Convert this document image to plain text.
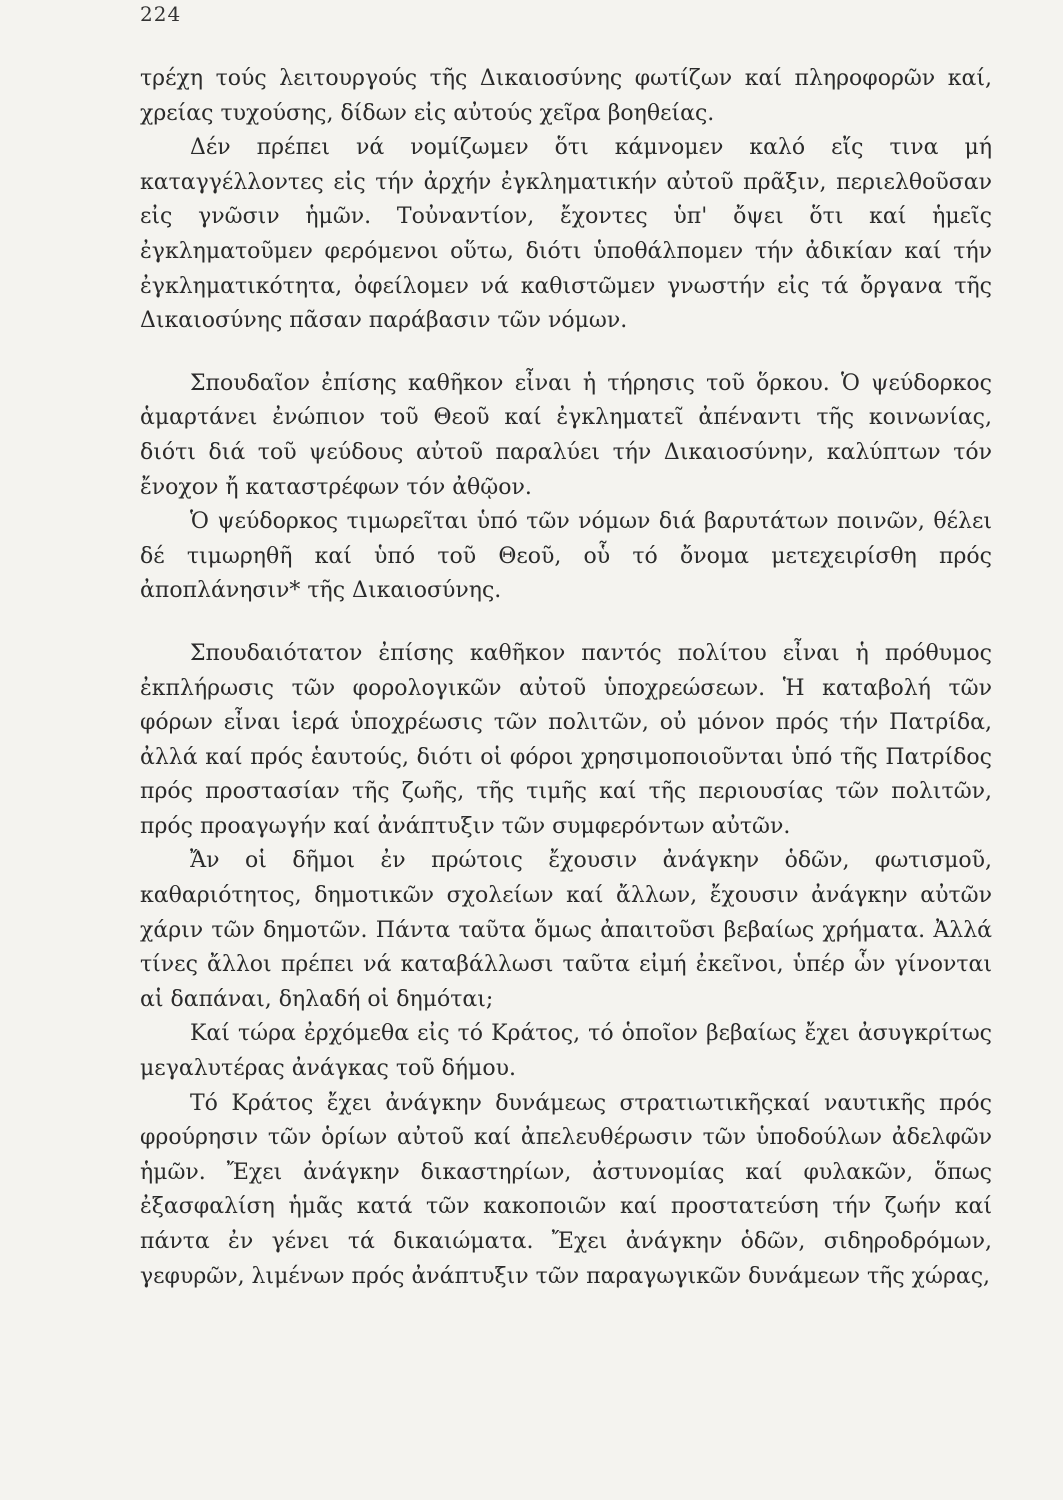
224

τρέχη τούς λειτουργούς τῆς Δικαιοσύνης φωτίζων καί πληροφορῶν καί, χρείας τυχούσης, δίδων εἰς αὐτούς χεῖρα βοηθείας.

Δέν πρέπει νά νομίζωμεν ὅτι κάμνομεν καλό εἴς τινα μή καταγγέλλοντες εἰς τήν ἀρχήν ἐγκληματικήν αὐτοῦ πρᾶξιν, περιελθοῦσαν εἰς γνῶσιν ἡμῶν. Τοὐναντίον, ἔχοντες ὑπ' ὄψει ὅτι καί ἡμεῖς ἐγκληματοῦμεν φερόμενοι οὕτω, διότι ὑποθάλπομεν τήν ἀδικίαν καί τήν ἐγκληματικότητα, ὀφείλομεν νά καθιστῶμεν γνωστήν εἰς τά ὄργανα τῆς Δικαιοσύνης πᾶσαν παράβασιν τῶν νόμων.

Σπουδαῖον ἐπίσης καθῆκον εἶναι ἡ τήρησις τοῦ ὅρκου. Ὁ ψεύδορκος ἁμαρτάνει ἐνώπιον τοῦ Θεοῦ καί ἐγκληματεῖ ἀπέναντι τῆς κοινωνίας, διότι διά τοῦ ψεύδους αὐτοῦ παραλύει τήν Δικαιοσύνην, καλύπτων τόν ἔνοχον ἤ καταστρέφων τόν ἀθῷον.

Ὁ ψεύδορκος τιμωρεῖται ὑπό τῶν νόμων διά βαρυτάτων ποινῶν, θέλει δέ τιμωρηθῆ καί ὑπό τοῦ Θεοῦ, οὗ τό ὄνομα μετεχειρίσθη πρός ἀποπλάνησιν* τῆς Δικαιοσύνης.

Σπουδαιότατον ἐπίσης καθῆκον παντός πολίτου εἶναι ἡ πρόθυμος ἐκπλήρωσις τῶν φορολογικῶν αὐτοῦ ὑποχρεώσεων. Ἡ καταβολή τῶν φόρων εἶναι ἱερά ὑποχρέωσις τῶν πολιτῶν, οὐ μόνον πρός τήν Πατρίδα, ἀλλά καί πρός ἑαυτούς, διότι οἱ φόροι χρησιμοποιοῦνται ὑπό τῆς Πατρίδος πρός προστασίαν τῆς ζωῆς, τῆς τιμῆς καί τῆς περιουσίας τῶν πολιτῶν, πρός προαγωγήν καί ἀνάπτυξιν τῶν συμφερόντων αὐτῶν.

Ἄν οἱ δῆμοι ἐν πρώτοις ἔχουσιν ἀνάγκην ὁδῶν, φωτισμοῦ, καθαριότητος, δημοτικῶν σχολείων καί ἄλλων, ἔχουσιν ἀνάγκην αὐτῶν χάριν τῶν δημοτῶν. Πάντα ταῦτα ὅμως ἀπαιτοῦσι βεβαίως χρήματα. Ἀλλά τίνες ἄλλοι πρέπει νά καταβάλλωσι ταῦτα εἰμή ἐκεῖνοι, ὑπέρ ὧν γίνονται αἱ δαπάναι, δηλαδή οἱ δημόται;

Καί τώρα ἐρχόμεθα εἰς τό Κράτος, τό ὁποῖον βεβαίως ἔχει ἀσυγκρίτως μεγαλυτέρας ἀνάγκας τοῦ δήμου.

Τό Κράτος ἔχει ἀνάγκην δυνάμεως στρατιωτικῆςκαί ναυτικῆς πρός φρούρησιν τῶν ὁρίων αὐτοῦ καί ἀπελευθέρωσιν τῶν ὑποδούλων ἀδελφῶν ἡμῶν. Ἔχει ἀνάγκην δικαστηρίων, ἀστυνομίας καί φυλακῶν, ὅπως ἐξασφαλίση ἡμᾶς κατά τῶν κακοποιῶν καί προστατεύση τήν ζωήν καί πάντα ἐν γένει τά δικαιώματα. Ἔχει ἀνάγκην ὁδῶν, σιδηροδρόμων, γεφυρῶν, λιμένων πρός ἀνάπτυξιν τῶν παραγωγικῶν δυνάμεων τῆς χώρας,
